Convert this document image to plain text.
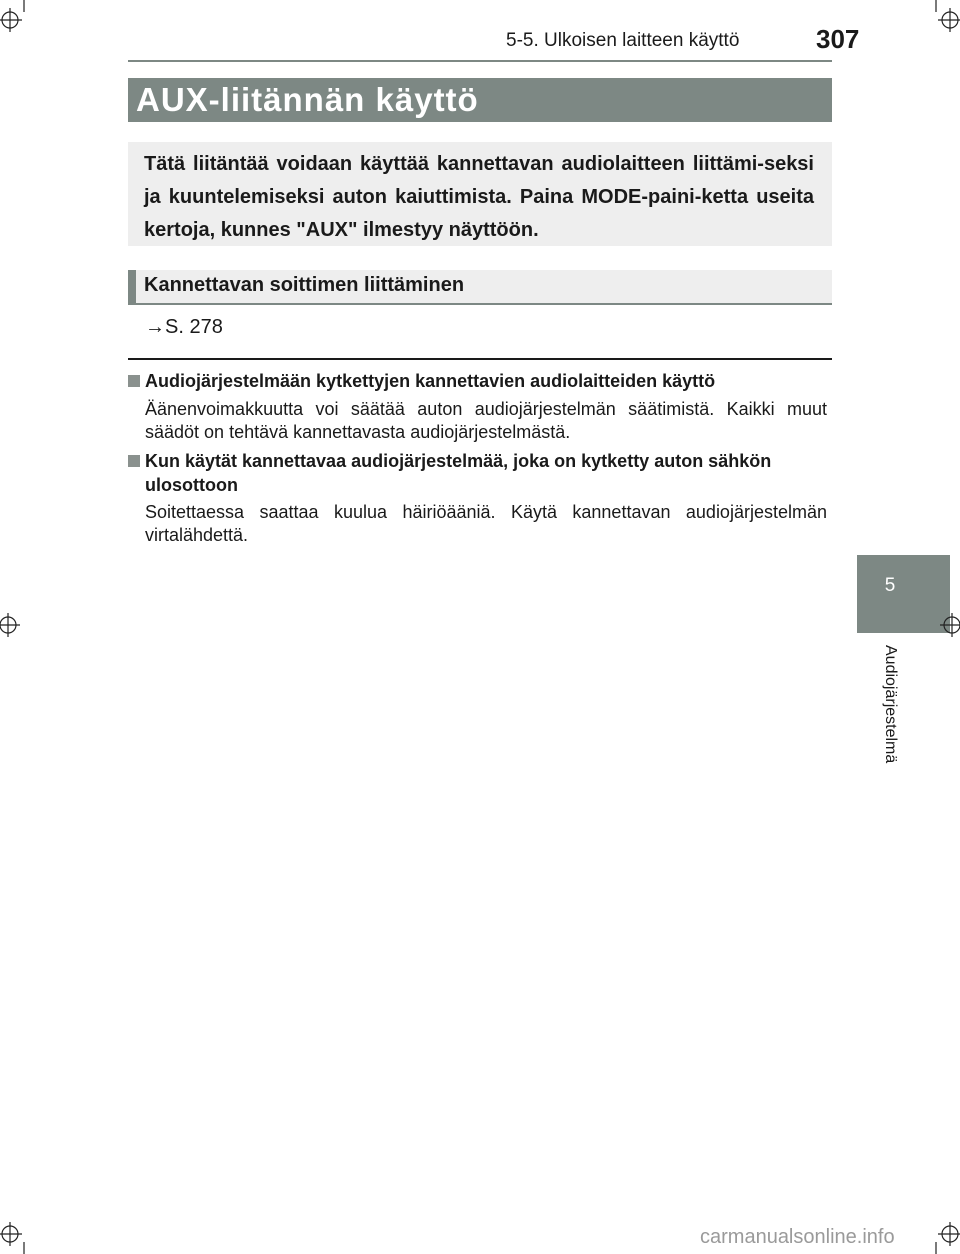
5-5. Ulkoisen laitteen käyttö	307
AUX-liitännän käyttö
Tätä liitäntää voidaan käyttää kannettavan audiolaitteen liittämi-seksi ja kuuntelemiseksi auton kaiuttimista. Paina MODE-paini-ketta useita kertoja, kunnes "AUX" ilmestyy näyttöön.
Kannettavan soittimen liittäminen
→S. 278
Audiojärjestelmään kytkettyjen kannettavien audiolaitteiden käyttö
Äänenvoimakkuutta voi säätää auton audiojärjestelmän säätimistä. Kaikki muut säädöt on tehtävä kannettavasta audiojärjestelmästä.
Kun käytät kannettavaa audiojärjestelmää, joka on kytketty auton sähkön ulosottoon
Soitettaessa saattaa kuulua häiriöääniä. Käytä kannettavan audiojärjestelmän virtalähdettä.
5
Audiojärjestelmä
carmanualsonline.info
